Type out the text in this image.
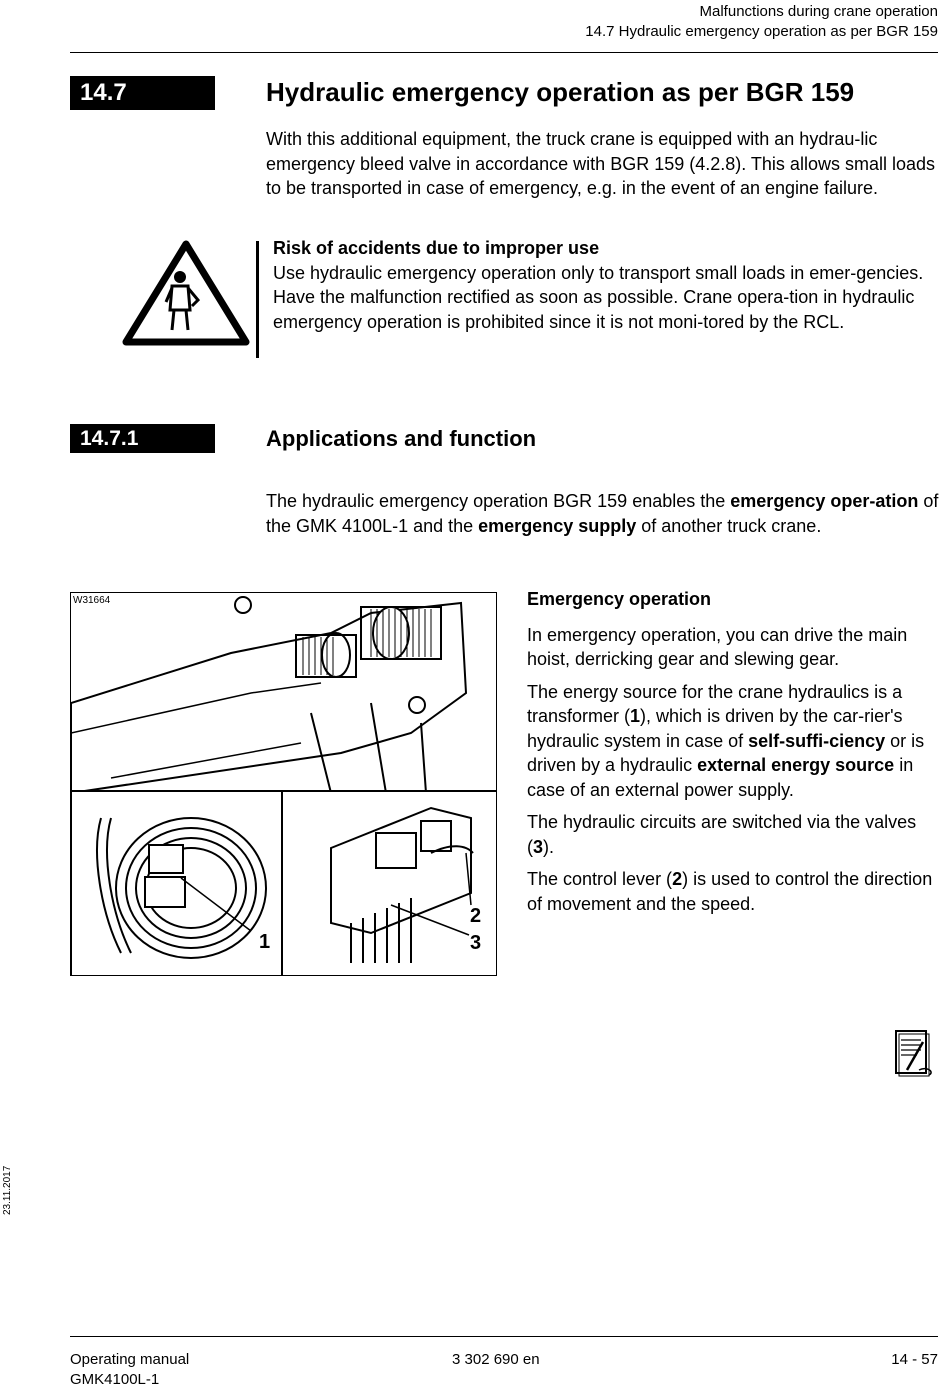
Malfunctions during crane operation
14.7 Hydraulic emergency operation as per BGR 159
14.7	Hydraulic emergency operation as per BGR 159

With this additional equipment, the truck crane is equipped with an hydrau-lic emergency bleed valve in accordance with BGR 159 (4.2.8). This allows small loads to be transported in case of emergency, e.g. in the event of an engine failure.

Risk of accidents due to improper use

Use hydraulic emergency operation only to transport small loads in emer-gencies. Have the malfunction rectified as soon as possible. Crane opera-tion in hydraulic emergency operation is prohibited since it is not moni-tored by the RCL.

14.7.1	Applications and function

The hydraulic emergency operation BGR 159 enables the emergency oper-ation of the GMK 4100L-1 and the emergency supply of another truck crane.

W31664
1
2
3

Emergency operation

In emergency operation, you can drive the main hoist, derricking gear and slewing gear.

The energy source for the crane hydraulics is a transformer (1), which is driven by the car-rier's hydraulic system in case of self-suffi-ciency or is driven by a hydraulic external energy source in case of an external power supply.

The hydraulic circuits are switched via the valves (3).

The control lever (2) is used to control the direction of movement and the speed.

23.11.2017
Operating manual
GMK4100L-1
3 302 690 en	14 - 57
